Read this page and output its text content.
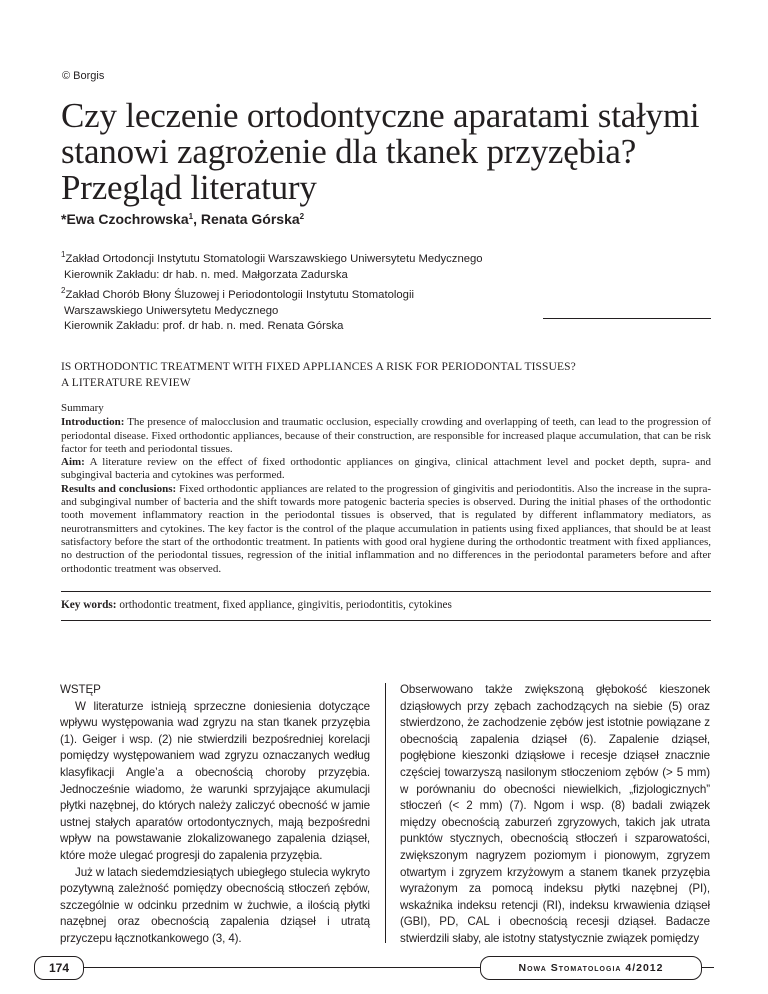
© Borgis
Czy leczenie ortodontyczne aparatami stałymi
stanowi zagrożenie dla tkanek przyzębia?
Przegląd literatury
*Ewa Czochrowska$^1$, Renata Górska$^2$
$^1$Zakład Ortodoncji Instytutu Stomatologii Warszawskiego Uniwersytetu Medycznego
Kierownik Zakładu: dr hab. n. med. Małgorzata Zadurska
$^2$Zakład Chorób Błony Śluzowej i Periodontologii Instytutu Stomatologii
Warszawskiego Uniwersytetu Medycznego
Kierownik Zakładu: prof. dr hab. n. med. Renata Górska
IS ORTHODONTIC TREATMENT WITH FIXED APPLIANCES A RISK FOR PERIODONTAL TISSUES?
A LITERATURE REVIEW

Summary

Introduction: The presence of malocclusion and traumatic occlusion, especially crowding and overlapping of teeth, can lead to the progression of periodontal disease. Fixed orthodontic appliances, because of their construction, are responsible for increased plaque accumulation, that can be risk factor for teeth and periodontal tissues.

Aim: A literature review on the effect of fixed orthodontic appliances on gingiva, clinical attachment level and pocket depth, supra- and subgingival bacteria and cytokines was performed.

Results and conclusions: Fixed orthodontic appliances are related to the progression of gingivitis and periodontitis. Also the increase in the supra- and subgingival number of bacteria and the shift towards more patogenic bacteria species is observed. During the initial phases of the orthodontic tooth movement inflammatory reaction in the periodontal tissues is observed, that is regulated by different inflammatory mediators, as neurotransmitters and cytokines. The key factor is the control of the plaque accumulation in patients using fixed appliances, that should be at least satisfactory before the start of the orthodontic treatment. In patients with good oral hygiene during the orthodontic treatment with fixed appliances, no destruction of the periodontal tissues, regression of the initial inflammation and no differences in the periodontal parameters before and after orthodontic treatment was observed.

Key words: orthodontic treatment, fixed appliance, gingivitis, periodontitis, cytokines

WSTĘP

W literaturze istnieją sprzeczne doniesienia dotyczące wpływu występowania wad zgryzu na stan tkanek przyzębia (1). Geiger i wsp. (2) nie stwierdzili bezpośredniej korelacji pomiędzy występowaniem wad zgryzu oznaczanych według klasyfikacji Angle’a a obecnością choroby przyzębia. Jednocześnie wiadomo, że warunki sprzyjające akumulacji płytki nazębnej, do których należy zaliczyć obecność w jamie ustnej stałych aparatów ortodontycznych, mają bezpośredni wpływ na powstawanie zlokalizowanego zapalenia dziąseł, które może ulegać progresji do zapalenia przyzębia.

Już w latach siedemdziesiątych ubiegłego stulecia wykryto pozytywną zależność pomiędzy obecnością stłoczeń zębów, szczególnie w odcinku przednim w żuchwie, a ilością płytki nazębnej oraz obecnością zapalenia dziąseł i utratą przyczepu łącznotkankowego (3, 4).

Obserwowano także zwiększoną głębokość kieszonek dziąsłowych przy zębach zachodzących na siebie (5) oraz stwierdzono, że zachodzenie zębów jest istotnie powiązane z obecnością zapalenia dziąseł (6). Zapalenie dziąseł, pogłębione kieszonki dziąsłowe i recesje dziąseł znacznie częściej towarzyszą nasilonym stłoczeniom zębów (> 5 mm) w porównaniu do obecności niewielkich, „fizjologicznych” stłoczeń (< 2 mm) (7). Ngom i wsp. (8) badali związek między obecnością zaburzeń zgryzowych, takich jak utrata punktów stycznych, obecnością stłoczeń i szparowatości, zwiększonym nagryzem poziomym i pionowym, zgryzem otwartym i zgryzem krzyżowym a stanem tkanek przyzębia wyrażonym za pomocą indeksu płytki nazębnej (PI), wskaźnika indeksu retencji (RI), indeksu krwawienia dziąseł (GBI), PD, CAL i obecnością recesji dziąseł. Badacze stwierdzili słaby, ale istotny statystycznie związek pomiędzy

174	Nowa Stomatologia 4/2012
